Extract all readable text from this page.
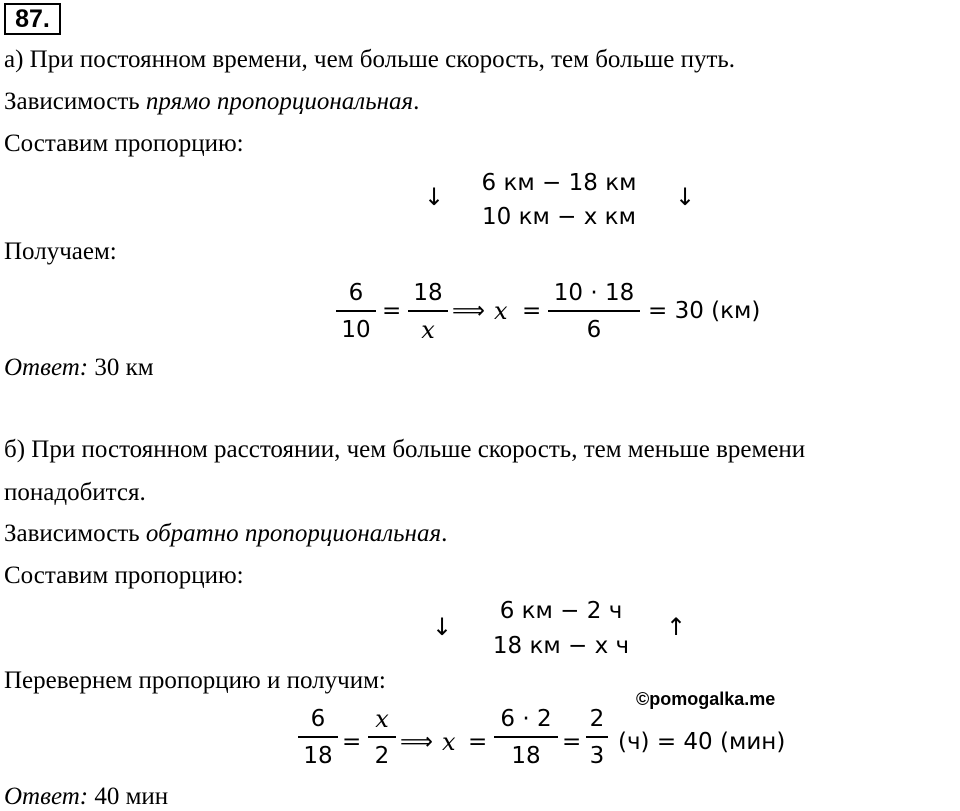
87.
а) При постоянном времени, чем больше скорость, тем больше путь.
Зависимость прямо пропорциональная.
Составим пропорцию:
↓	6 км − 18 км
10 км − х км
↓
Получаем:
6
10
=
18
x
⟹ x =
10 · 18
6
= 30 (км)
Ответ: 30 км
б) При постоянном расстоянии, чем больше скорость, тем меньше времени
понадобится.
Зависимость обратно пропорциональная.
Составим пропорцию:
↓
6 км − 2 ч
18 км − х ч
↑
Перевернем пропорцию и получим:
©pomogalka.me
6
18
=
x
2
⟹ x =
6 · 2
18
=
2
3
(ч) = 40 (мин)
Ответ: 40 мин
